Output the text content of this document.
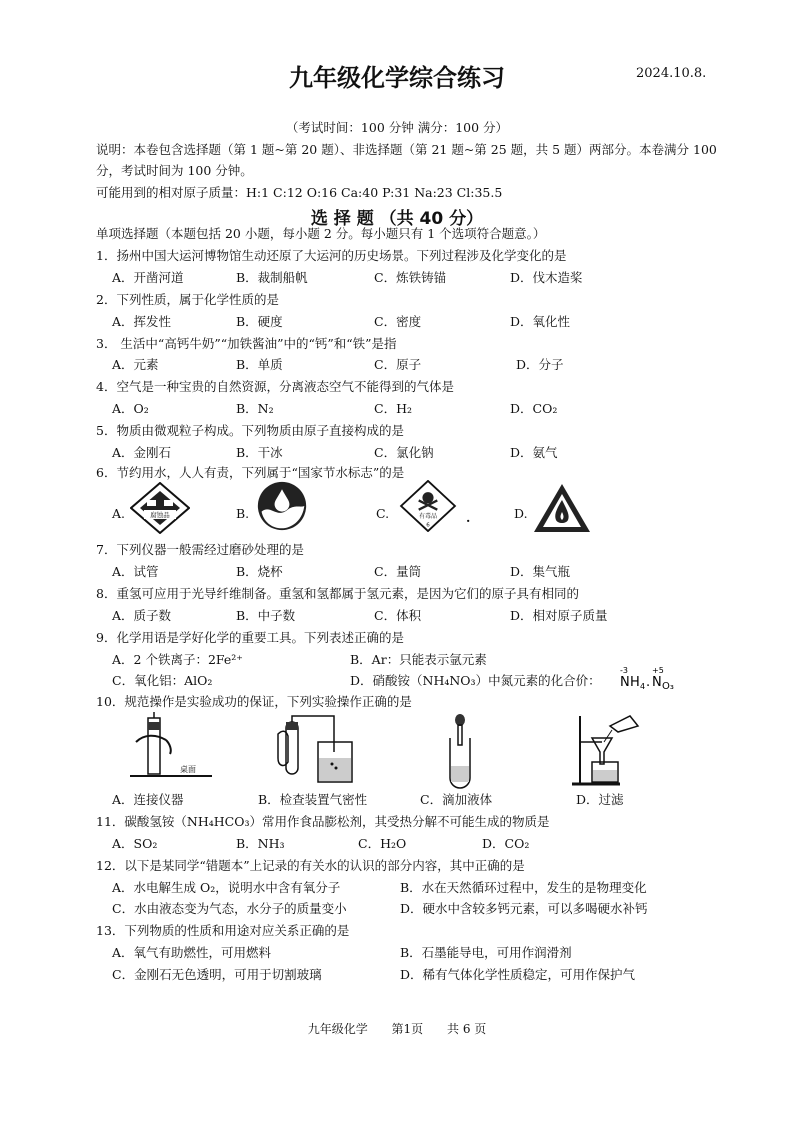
九年级化学综合练习	2024.10.8.
（考试时间：100 分钟 满分：100 分）
说明：本卷包含选择题（第 1 题~第 20 题）、非选择题（第 21 题~第 25 题，共 5 题）两部分。本卷满分 100
分，考试时间为 100 分钟。
可能用到的相对原子质量：H:1 C:12 O:16 Ca:40 P:31 Na:23 Cl:35.5
选 择 题 （共 40 分）
单项选择题（本题包括 20 小题，每小题 2 分。每小题只有 1 个选项符合题意。）
1．扬州中国大运河博物馆生动还原了大运河的历史场景。下列过程涉及化学变化的是
A．开凿河道	B．裁制船帆	C．炼铁铸锚	D．伐木造桨
2．下列性质，属于化学性质的是
A．挥发性	B．硬度	C．密度	D．氧化性
3． 生活中“高钙牛奶”“加铁酱油”中的“钙”和“铁”是指
A．元素	B．单质	C．原子	D．分子
4．空气是一种宝贵的自然资源，分离液态空气不能得到的气体是
A．O₂	B．N₂	C．H₂	D．CO₂
5．物质由微观粒子构成。下列物质由原子直接构成的是
A．金刚石	B．干冰	C．氯化钠	D．氨气
6．节约用水，人人有责，下列属于“国家节水标志”的是
A.	B.	C.	D.
腐蚀品	有毒品
6
.
7．下列仪器一般需经过磨砂处理的是
A．试管	B．烧杯	C．量筒	D．集气瓶
8．重氢可应用于光导纤维制备。重氢和氢都属于氢元素，是因为它们的原子具有相同的
A．质子数	B．中子数	C．体积	D．相对原子质量
9．化学用语是学好化学的重要工具。下列表述正确的是
A．2 个铁离子：2Fe²⁺	B．Ar：只能表示氩元素
C．氧化铝：AlO₂	D．硝酸铵（NH₄NO₃）中氮元素的化合价：
-3
N H 4 .
+5
N O₃
10．规范操作是实验成功的保证，下列实验操作正确的是
桌面
A．连接仪器	B．检查装置气密性	C．滴加液体	D．过滤
11．碳酸氢铵（NH₄HCO₃）常用作食品膨松剂，其受热分解不可能生成的物质是
A．SO₂	B．NH₃	C．H₂O	D．CO₂
12．以下是某同学“错题本”上记录的有关水的认识的部分内容，其中正确的是
A．水电解生成 O₂，说明水中含有氧分子	B．水在天然循环过程中，发生的是物理变化
C．水由液态变为气态，水分子的质量变小	D．硬水中含较多钙元素，可以多喝硬水补钙
13．下列物质的性质和用途对应关系正确的是
A．氧气有助燃性，可用燃料	B．石墨能导电，可用作润滑剂
C．金刚石无色透明，可用于切割玻璃	D．稀有气体化学性质稳定，可用作保护气
九年级化学 第1页 共 6 页
